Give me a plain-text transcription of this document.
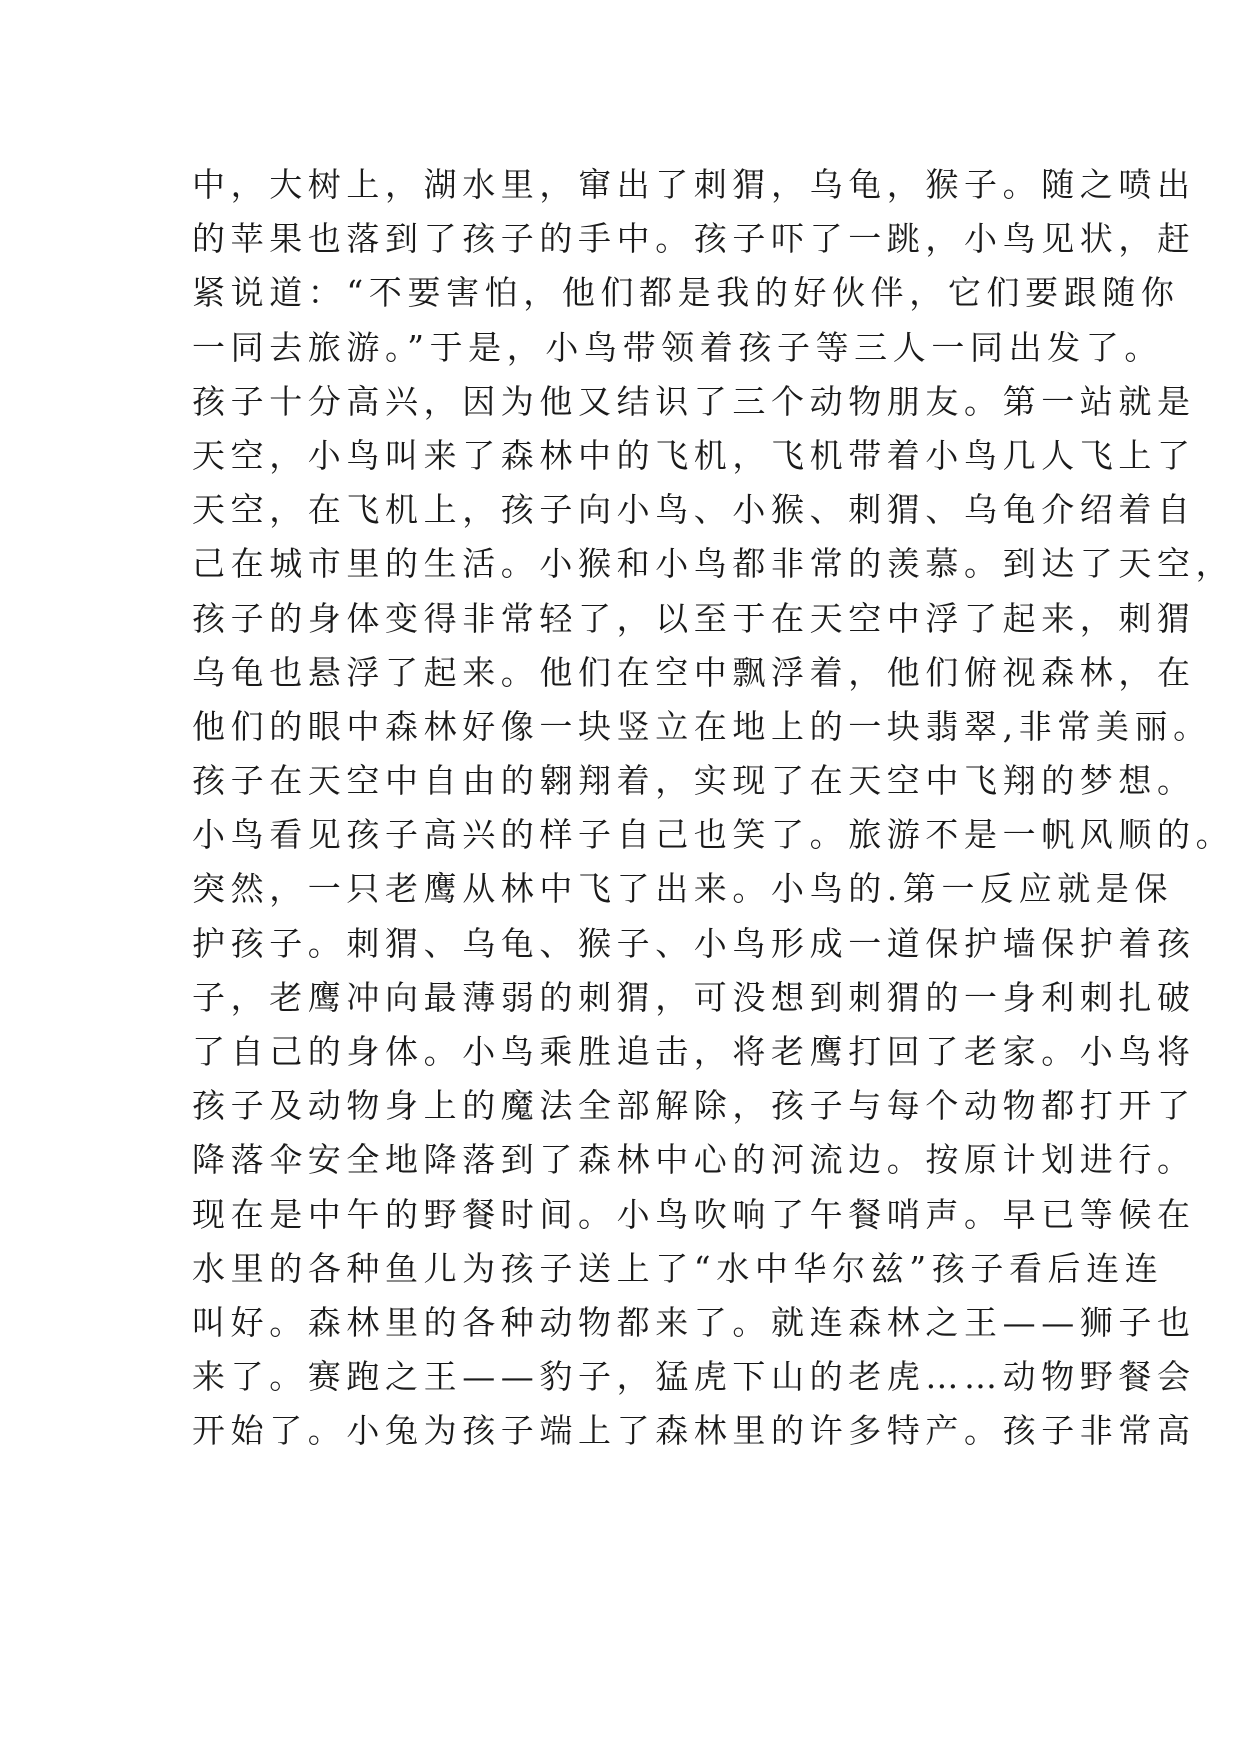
中，大树上，湖水里，窜出了刺猬，乌龟，猴子。随之喷出
的苹果也落到了孩子的手中。孩子吓了一跳，小鸟见状，赶
紧说道：“不要害怕，他们都是我的好伙伴，它们要跟随你
一同去旅游。”于是，小鸟带领着孩子等三人一同出发了。
孩子十分高兴，因为他又结识了三个动物朋友。第一站就是
天空，小鸟叫来了森林中的飞机，飞机带着小鸟几人飞上了
天空，在飞机上，孩子向小鸟、小猴、刺猬、乌龟介绍着自
己在城市里的生活。小猴和小鸟都非常的羡慕。到达了天空，
孩子的身体变得非常轻了，以至于在天空中浮了起来，刺猬
乌龟也悬浮了起来。他们在空中飘浮着，他们俯视森林，在
他们的眼中森林好像一块竖立在地上的一块翡翠,非常美丽。
孩子在天空中自由的翱翔着，实现了在天空中飞翔的梦想。
小鸟看见孩子高兴的样子自己也笑了。旅游不是一帆风顺的。
突然，一只老鹰从林中飞了出来。小鸟的.第一反应就是保
护孩子。刺猬、乌龟、猴子、小鸟形成一道保护墙保护着孩
子，老鹰冲向最薄弱的刺猬，可没想到刺猬的一身利刺扎破
了自己的身体。小鸟乘胜追击，将老鹰打回了老家。小鸟将
孩子及动物身上的魔法全部解除，孩子与每个动物都打开了
降落伞安全地降落到了森林中心的河流边。按原计划进行。
现在是中午的野餐时间。小鸟吹响了午餐哨声。早已等候在
水里的各种鱼儿为孩子送上了“水中华尔兹”孩子看后连连
叫好。森林里的各种动物都来了。就连森林之王——狮子也
来了。赛跑之王——豹子，猛虎下山的老虎……动物野餐会
开始了。小兔为孩子端上了森林里的许多特产。孩子非常高
